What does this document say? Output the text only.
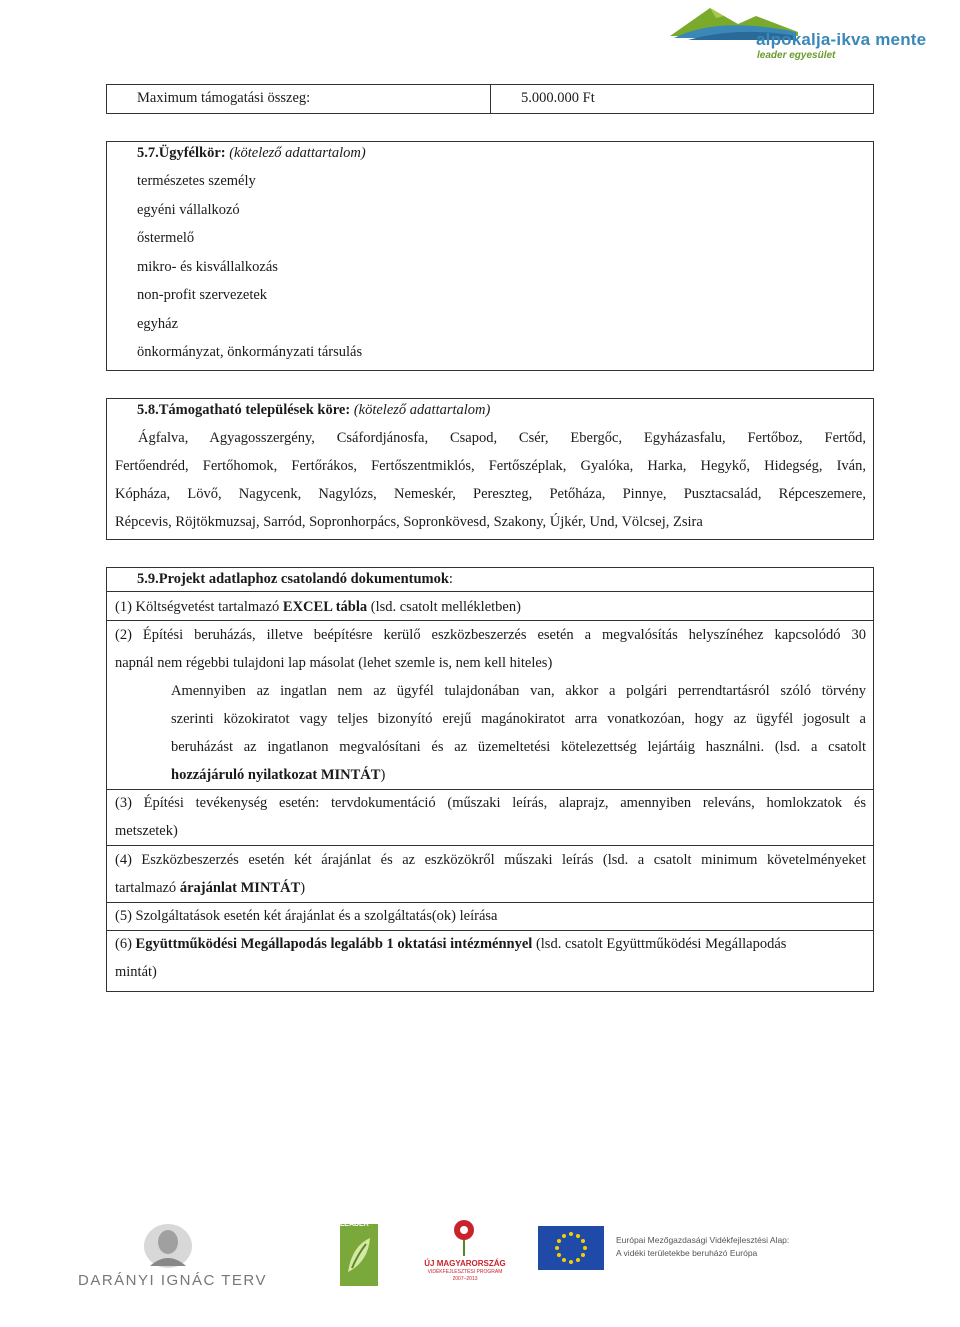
alpokalja-ikva mente
leader egyesület
Maximum támogatási összeg:	5.000.000 Ft
5.7.Ügyfélkör: (kötelező adattartalom)
természetes személy
egyéni vállalkozó
őstermelő
mikro- és kisvállalkozás
non-profit szervezetek
egyház
önkormányzat, önkormányzati társulás
5.8.Támogatható települések köre: (kötelező adattartalom)
Ágfalva, Agyagosszergény, Csáfordjánosfa, Csapod, Csér, Ebergőc, Egyházasfalu, Fertőboz, Fertőd,
Fertőendréd, Fertőhomok, Fertőrákos, Fertőszentmiklós, Fertőszéplak, Gyalóka, Harka, Hegykő, Hidegség, Iván,
Kópháza, Lövő, Nagycenk, Nagylózs, Nemeskér, Pereszteg, Petőháza, Pinnye, Pusztacsalád, Répceszemere,
Répcevis, Röjtökmuzsaj, Sarród, Sopronhorpács, Sopronkövesd, Szakony, Újkér, Und, Völcsej, Zsira
5.9.Projekt adatlaphoz csatolandó dokumentumok:
(1) Költségvetést tartalmazó EXCEL tábla (lsd. csatolt mellékletben)
(2) Építési beruházás, illetve beépítésre kerülő eszközbeszerzés esetén a megvalósítás helyszínéhez kapcsolódó 30
napnál nem régebbi tulajdoni lap másolat (lehet szemle is, nem kell hiteles)
Amennyiben az ingatlan nem az ügyfél tulajdonában van, akkor a polgári perrendtartásról szóló törvény
szerinti közokiratot vagy teljes bizonyító erejű magánokiratot arra vonatkozóan, hogy az ügyfél jogosult a
beruházást az ingatlanon megvalósítani és az üzemeltetési kötelezettség lejártáig használni. (lsd. a csatolt
hozzájáruló nyilatkozat MINTÁT)
(3) Építési tevékenység esetén: tervdokumentáció (műszaki leírás, alaprajz, amennyiben releváns, homlokzatok és
metszetek)
(4) Eszközbeszerzés esetén két árajánlat és az eszközökről műszaki leírás (lsd. a csatolt minimum követelményeket
tartalmazó árajánlat MINTÁT)
(5) Szolgáltatások esetén két árajánlat és a szolgáltatás(ok) leírása
(6) Együttműködési Megállapodás legalább 1 oktatási intézménnyel (lsd. csatolt Együttműködési Megállapodás
mintát)
DARÁNYI IGNÁC TERV
LEADER
ÚJ MAGYARORSZÁG
VIDÉKFEJLESZTÉSI PROGRAM
2007–2013
Európai Mezőgazdasági Vidékfejlesztési Alap:
A vidéki területekbe beruházó Európa
